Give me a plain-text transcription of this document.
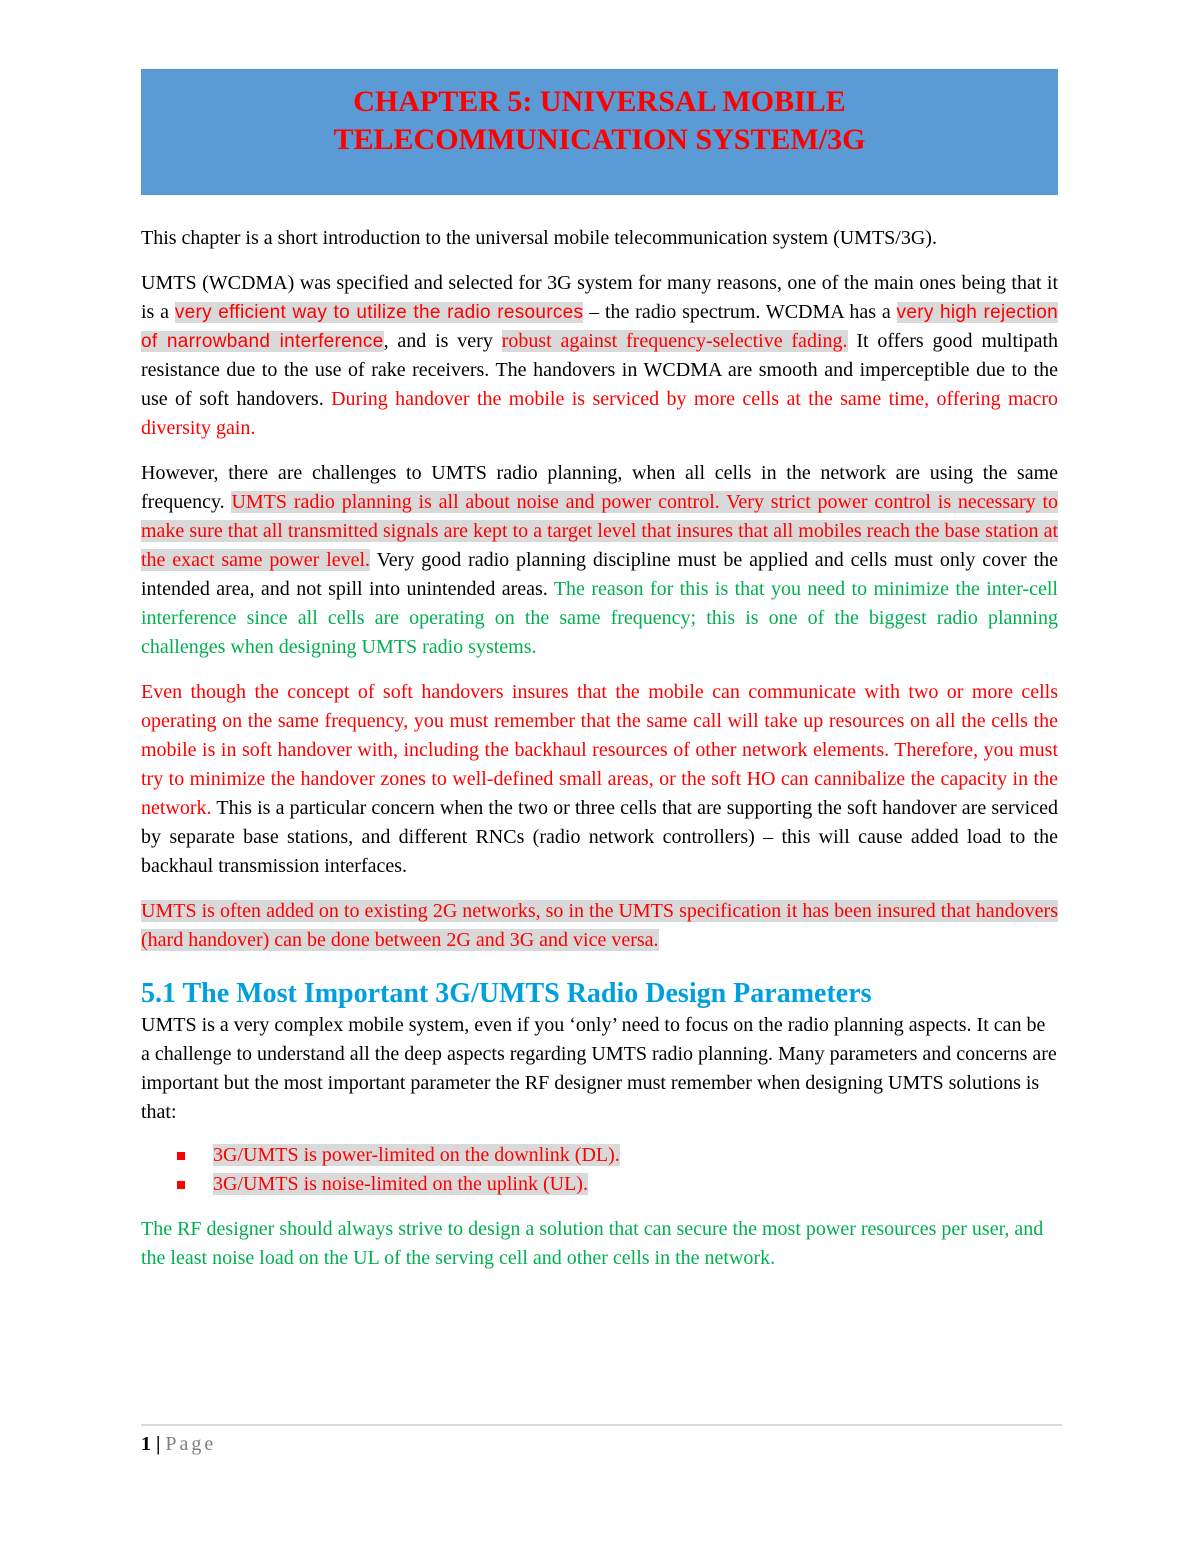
CHAPTER 5: UNIVERSAL MOBILE
TELECOMMUNICATION SYSTEM/3G

This chapter is a short introduction to the universal mobile telecommunication system (UMTS/3G).

UMTS (WCDMA) was specified and selected for 3G system for many reasons, one of the main ones being that it is a very efficient way to utilize the radio resources – the radio spectrum. WCDMA has a very high rejection of narrowband interference, and is very robust against frequency-selective fading. It offers good multipath resistance due to the use of rake receivers. The handovers in WCDMA are smooth and imperceptible due to the use of soft handovers. During handover the mobile is serviced by more cells at the same time, offering macro diversity gain.

However, there are challenges to UMTS radio planning, when all cells in the network are using the same frequency. UMTS radio planning is all about noise and power control. Very strict power control is necessary to make sure that all transmitted signals are kept to a target level that insures that all mobiles reach the base station at the exact same power level. Very good radio planning discipline must be applied and cells must only cover the intended area, and not spill into unintended areas. The reason for this is that you need to minimize the inter-cell interference since all cells are operating on the same frequency; this is one of the biggest radio planning challenges when designing UMTS radio systems.

Even though the concept of soft handovers insures that the mobile can communicate with two or more cells operating on the same frequency, you must remember that the same call will take up resources on all the cells the mobile is in soft handover with, including the backhaul resources of other network elements. Therefore, you must try to minimize the handover zones to well-defined small areas, or the soft HO can cannibalize the capacity in the network. This is a particular concern when the two or three cells that are supporting the soft handover are serviced by separate base stations, and different RNCs (radio network controllers) – this will cause added load to the backhaul transmission interfaces.

UMTS is often added on to existing 2G networks, so in the UMTS specification it has been insured that handovers (hard handover) can be done between 2G and 3G and vice versa.

5.1 The Most Important 3G/UMTS Radio Design Parameters

UMTS is a very complex mobile system, even if you ‘only’ need to focus on the radio planning aspects. It can be a challenge to understand all the deep aspects regarding UMTS radio planning. Many parameters and concerns are important but the most important parameter the RF designer must remember when designing UMTS solutions is that:

3G/UMTS is power-limited on the downlink (DL).
3G/UMTS is noise-limited on the uplink (UL).

The RF designer should always strive to design a solution that can secure the most power resources per user, and the least noise load on the UL of the serving cell and other cells in the network.

1 | Page
